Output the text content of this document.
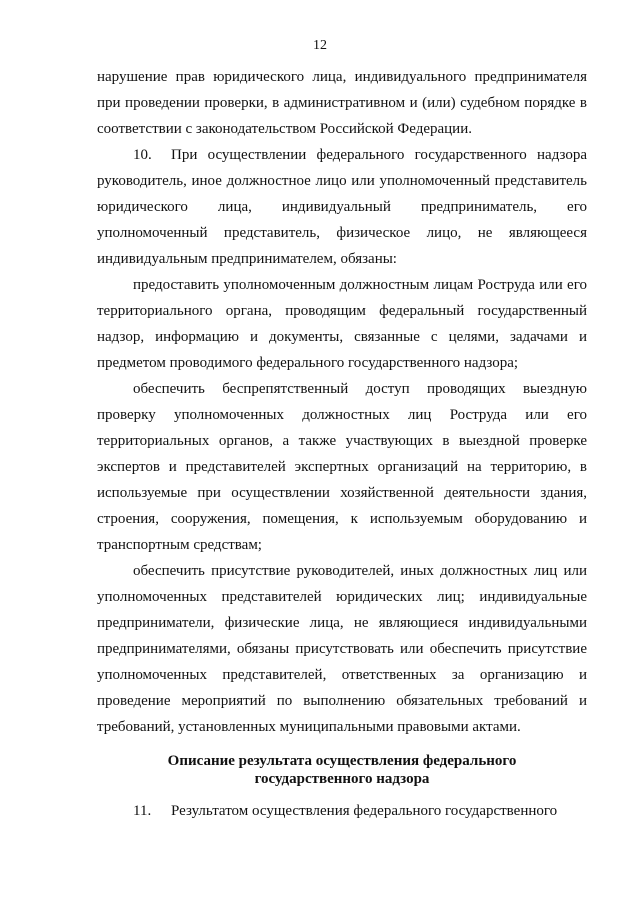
12

нарушение прав юридического лица, индивидуального предпринимателя при проведении проверки, в административном и (или) судебном порядке в соответствии с законодательством Российской Федерации.

10. При осуществлении федерального государственного надзора руководитель, иное должностное лицо или уполномоченный представитель юридического лица, индивидуальный предприниматель, его уполномоченный представитель, физическое лицо, не являющееся индивидуальным предпринимателем, обязаны:

предоставить уполномоченным должностным лицам Роструда или его территориального органа, проводящим федеральный государственный надзор, информацию и документы, связанные с целями, задачами и предметом проводимого федерального государственного надзора;

обеспечить беспрепятственный доступ проводящих выездную проверку уполномоченных должностных лиц Роструда или его территориальных органов, а также участвующих в выездной проверке экспертов и представителей экспертных организаций на территорию, в используемые при осуществлении хозяйственной деятельности здания, строения, сооружения, помещения, к используемым оборудованию и транспортным средствам;

обеспечить присутствие руководителей, иных должностных лиц или уполномоченных представителей юридических лиц; индивидуальные предприниматели, физические лица, не являющиеся индивидуальными предпринимателями, обязаны присутствовать или обеспечить присутствие уполномоченных представителей, ответственных за организацию и проведение мероприятий по выполнению обязательных требований и требований, установленных муниципальными правовыми актами.

Описание результата осуществления федерального
государственного надзора

11. Результатом осуществления федерального государственного
